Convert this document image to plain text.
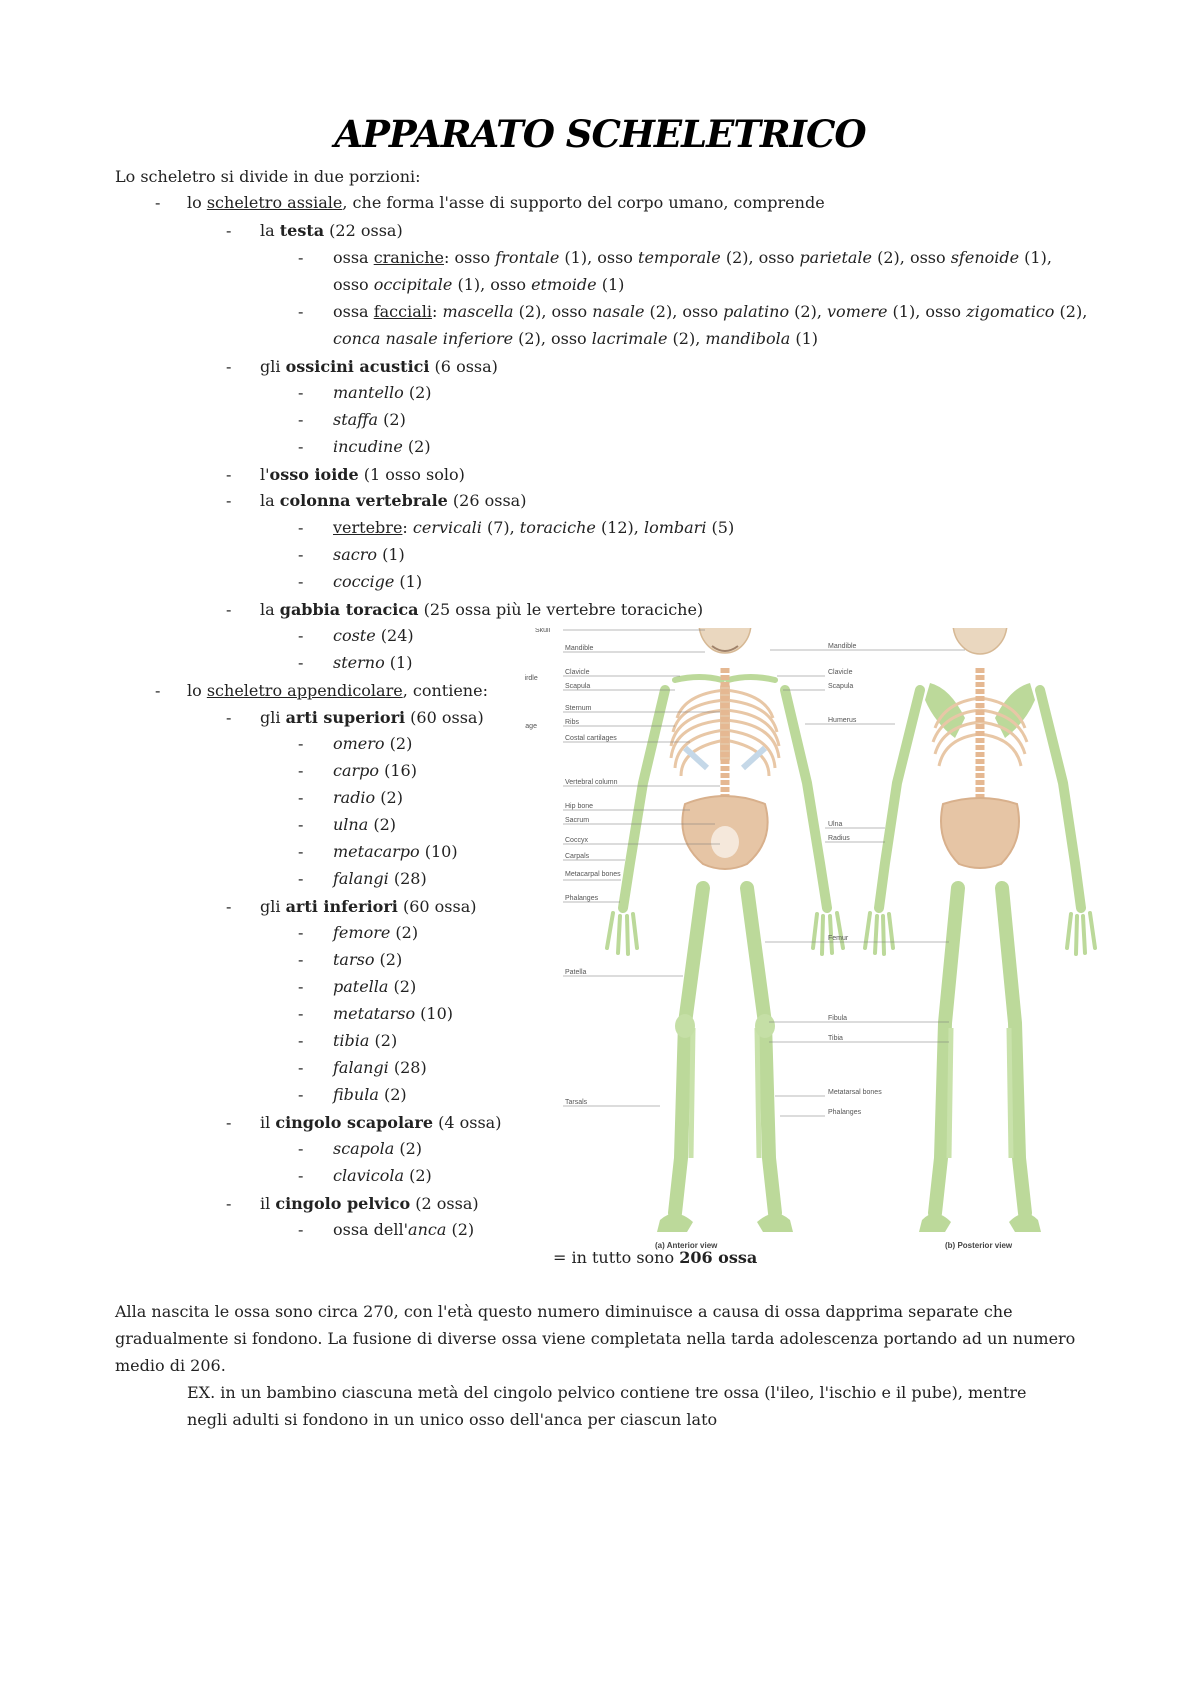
APPARATO SCHELETRICO
Lo scheletro si divide in due porzioni:
- lo scheletro assiale, che forma l'asse di supporto del corpo umano, comprende
- la testa (22 ossa)
- ossa craniche: osso frontale (1), osso temporale (2), osso parietale (2), osso sfenoide (1),
osso occipitale (1), osso etmoide (1)
- ossa facciali: mascella (2), osso nasale (2), osso palatino (2), vomere (1), osso zigomatico (2),
conca nasale inferiore (2), osso lacrimale (2), mandibola (1)
- gli ossicini acustici (6 ossa)
- mantello (2)
- staffa (2)
- incudine (2)
- l'osso ioide (1 osso solo)
- la colonna vertebrale (26 ossa)
- vertebre: cervicali (7), toraciche (12), lombari (5)
- sacro (1)
- coccige (1)
- la gabbia toracica (25 ossa più le vertebre toraciche)
- coste (24)
- sterno (1)
- lo scheletro appendicolare, contiene:
- gli arti superiori (60 ossa)
- omero (2)
- carpo (16)
- radio (2)
- ulna (2)
- metacarpo (10)
- falangi (28)
- gli arti inferiori (60 ossa)
- femore (2)
- tarso (2)
- patella (2)
- metatarso (10)
- tibia (2)
- falangi (28)
- fibula (2)
- il cingolo scapolare (4 ossa)
- scapola (2)
- clavicola (2)
- il cingolo pelvico (2 ossa)
- ossa dell'anca (2)
Skull
irdle
age
Mandible
Clavicle
Scapula
Sternum
Ribs
Costal cartilages
Vertebral column
Hip bone
Sacrum
Coccyx
Carpals
Metacarpal bones
Phalanges
Patella
Tarsals
Mandible
Clavicle
Scapula
Humerus
Ulna
Radius
Femur
Fibula
Tibia
Metatarsal bones
Phalanges
(a) Anterior view	(b) Posterior view
= in tutto sono 206 ossa
Alla nascita le ossa sono circa 270, con l'età questo numero diminuisce a causa di ossa dapprima separate che gradualmente si fondono. La fusione di diverse ossa viene completata nella tarda adolescenza portando ad un numero medio di 206.
EX. in un bambino ciascuna metà del cingolo pelvico contiene tre ossa (l'ileo, l'ischio e il pube), mentre negli adulti si fondono in un unico osso dell'anca per ciascun lato
